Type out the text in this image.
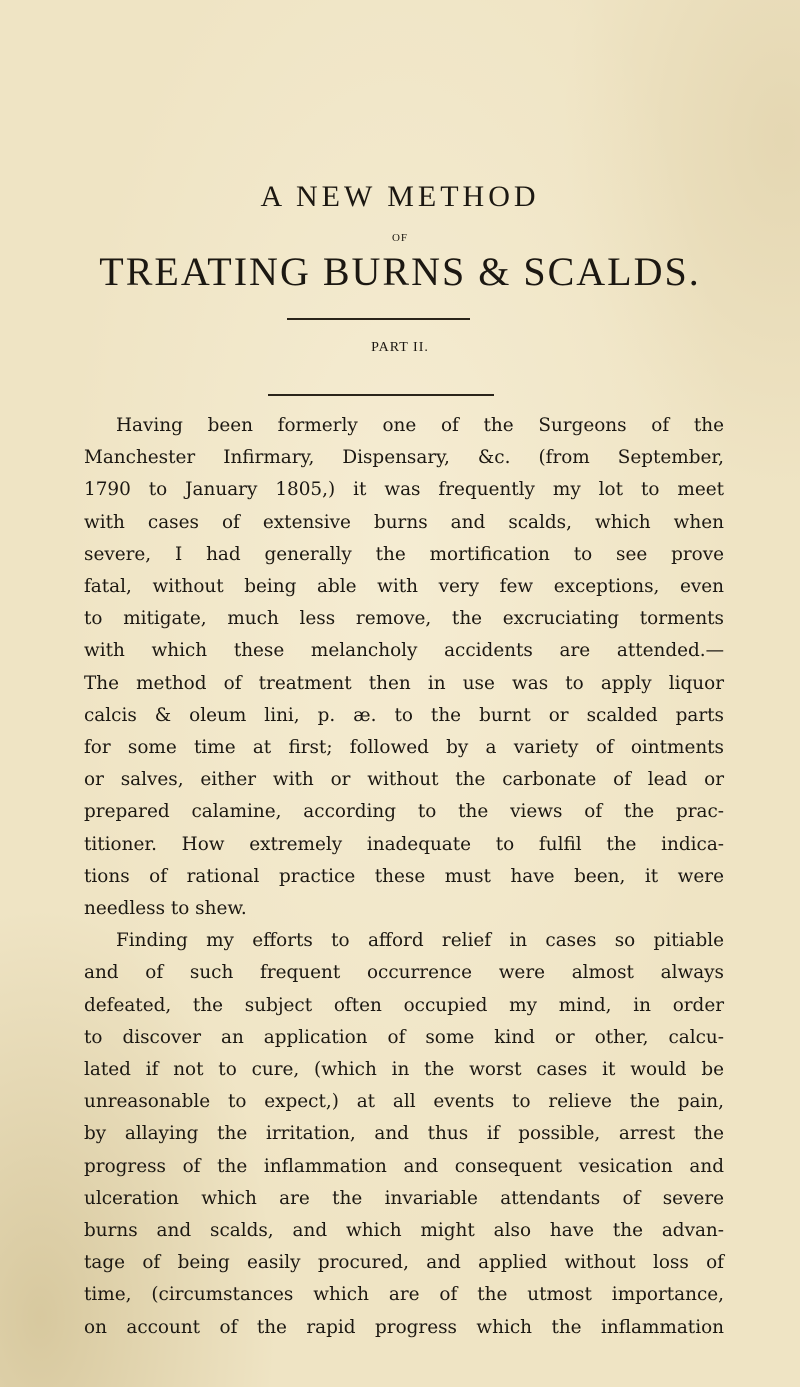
A NEW METHOD
OF
TREATING BURNS & SCALDS.
PART II.
Having been formerly one of the Surgeons of the
Manchester Infirmary, Dispensary, &c. (from September,
1790 to January 1805,) it was frequently my lot to meet
with cases of extensive burns and scalds, which when
severe, I had generally the mortification to see prove
fatal, without being able with very few exceptions, even
to mitigate, much less remove, the excruciating torments
with which these melancholy accidents are attended.—
The method of treatment then in use was to apply liquor
calcis & oleum lini, p. æ. to the burnt or scalded parts
for some time at first; followed by a variety of ointments
or salves, either with or without the carbonate of lead or
prepared calamine, according to the views of the prac-
titioner. How extremely inadequate to fulfil the indica-
tions of rational practice these must have been, it were
needless to shew.
Finding my efforts to afford relief in cases so pitiable
and of such frequent occurrence were almost always
defeated, the subject often occupied my mind, in order
to discover an application of some kind or other, calcu-
lated if not to cure, (which in the worst cases it would be
unreasonable to expect,) at all events to relieve the pain,
by allaying the irritation, and thus if possible, arrest the
progress of the inflammation and consequent vesication and
ulceration which are the invariable attendants of severe
burns and scalds, and which might also have the advan-
tage of being easily procured, and applied without loss of
time, (circumstances which are of the utmost importance,
on account of the rapid progress which the inflammation
